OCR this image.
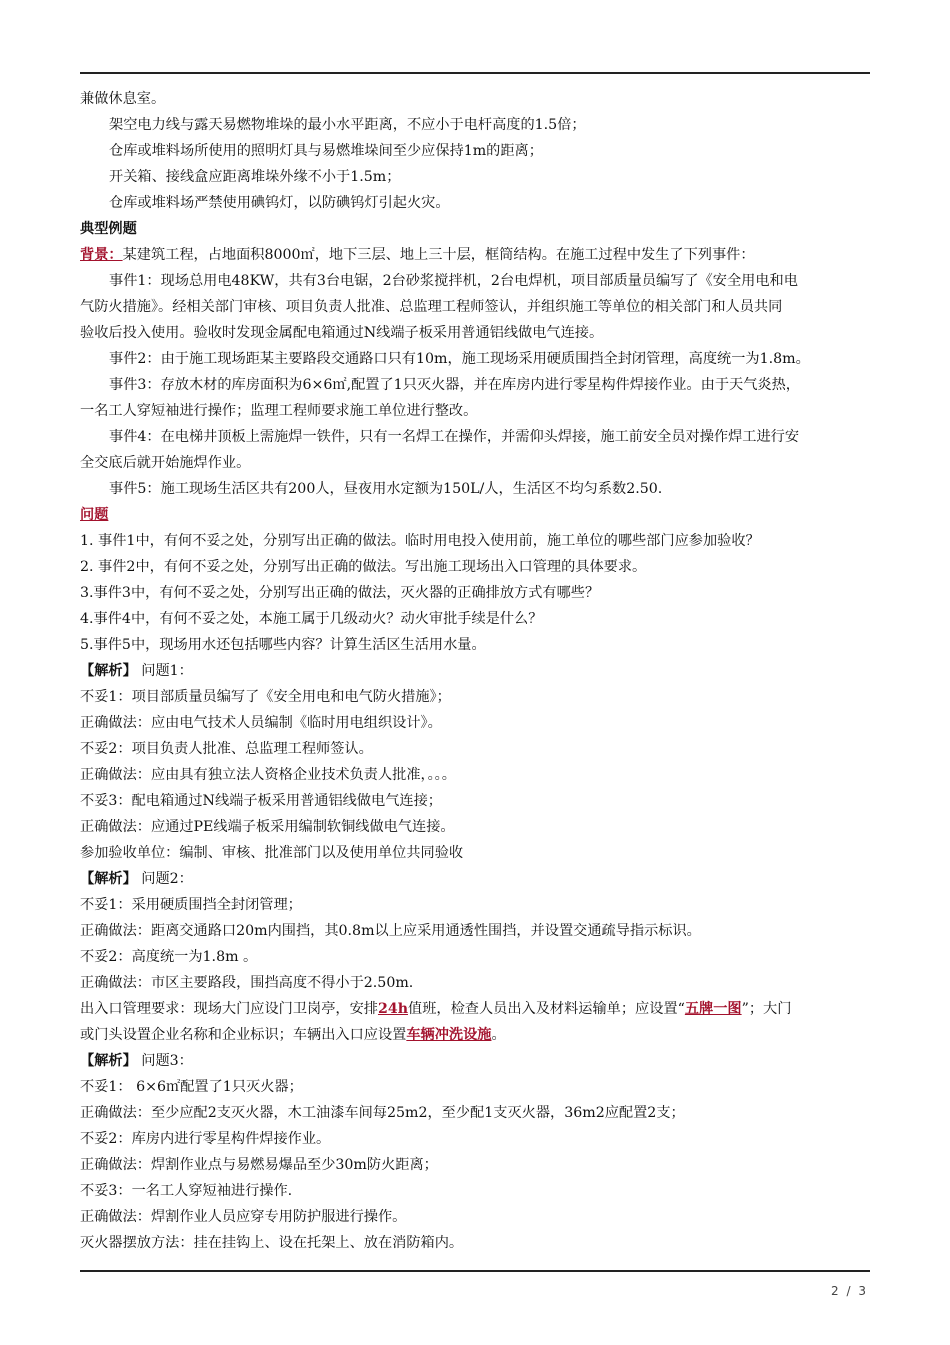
兼做休息室。
架空电力线与露天易燃物堆垛的最小水平距离，不应小于电杆高度的1.5倍；
仓库或堆料场所使用的照明灯具与易燃堆垛间至少应保持1m的距离；
开关箱、接线盒应距离堆垛外缘不小于1.5m；
仓库或堆料场严禁使用碘钨灯，以防碘钨灯引起火灾。
典型例题
背景：某建筑工程，占地面积8000㎡，地下三层、地上三十层，框筒结构。在施工过程中发生了下列事件：
事件1：现场总用电48KW，共有3台电锯，2台砂浆搅拌机，2台电焊机，项目部质量员编写了《安全用电和电
气防火措施》。经相关部门审核、项目负责人批准、总监理工程师签认，并组织施工等单位的相关部门和人员共同
验收后投入使用。验收时发现金属配电箱通过N线端子板采用普通铝线做电气连接。
事件2：由于施工现场距某主要路段交通路口只有10m，施工现场采用硬质围挡全封闭管理，高度统一为1.8m。
事件3：存放木材的库房面积为6×6㎡,配置了1只灭火器，并在库房内进行零星构件焊接作业。由于天气炎热，
一名工人穿短袖进行操作；监理工程师要求施工单位进行整改。
事件4：在电梯井顶板上需施焊一铁件，只有一名焊工在操作，并需仰头焊接，施工前安全员对操作焊工进行安
全交底后就开始施焊作业。
事件5：施工现场生活区共有200人，昼夜用水定额为150L/人，生活区不均匀系数2.50.
问题
1. 事件1中，有何不妥之处，分别写出正确的做法。临时用电投入使用前，施工单位的哪些部门应参加验收？
2. 事件2中，有何不妥之处，分别写出正确的做法。写出施工现场出入口管理的具体要求。
3.事件3中，有何不妥之处，分别写出正确的做法，灭火器的正确排放方式有哪些？
4.事件4中，有何不妥之处，本施工属于几级动火？动火审批手续是什么？
5.事件5中，现场用水还包括哪些内容？计算生活区生活用水量。
【解析】 问题1：
不妥1：项目部质量员编写了《安全用电和电气防火措施》；
正确做法：应由电气技术人员编制《临时用电组织设计》。
不妥2：项目负责人批准、总监理工程师签认。
正确做法：应由具有独立法人资格企业技术负责人批准，。。。
不妥3：配电箱通过N线端子板采用普通铝线做电气连接；
正确做法：应通过PE线端子板采用编制软铜线做电气连接。
参加验收单位：编制、审核、批准部门以及使用单位共同验收
【解析】 问题2：
不妥1：采用硬质围挡全封闭管理；
正确做法：距离交通路口20m内围挡，其0.8m以上应采用通透性围挡，并设置交通疏导指示标识。
不妥2：高度统一为1.8m 。
正确做法：市区主要路段，围挡高度不得小于2.50m.
出入口管理要求：现场大门应设门卫岗亭，安排24h值班，检查人员出入及材料运输单；应设置“五牌一图”；大门
或门头设置企业名称和企业标识；车辆出入口应设置车辆冲洗设施。
【解析】 问题3：
不妥1： 6×6㎡配置了1只灭火器；
正确做法：至少应配2支灭火器，木工油漆车间每25m2，至少配1支灭火器，36m2应配置2支；
不妥2：库房内进行零星构件焊接作业。
正确做法：焊割作业点与易燃易爆品至少30m防火距离；
不妥3：一名工人穿短袖进行操作.
正确做法：焊割作业人员应穿专用防护服进行操作。
灭火器摆放方法：挂在挂钩上、设在托架上、放在消防箱内。
2 / 3
